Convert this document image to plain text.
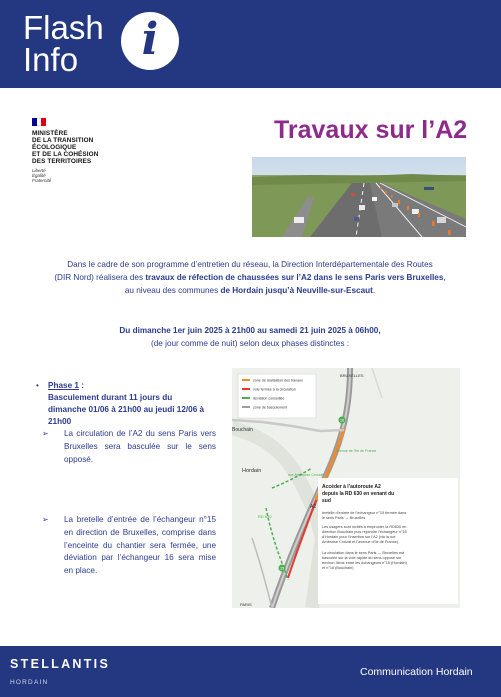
Flash
Info	i
MINISTÈRE
DE LA TRANSITION
ÉCOLOGIQUE
ET DE LA COHÉSION
DES TERRITOIRES
Liberté
Égalité
Fraternité
Travaux sur l’A2
Dans le cadre de son programme d’entretien du réseau, la Direction Interdépartementale des Routes
(DIR Nord) réalisera des travaux de réfection de chaussées sur l’A2 dans le sens Paris vers Bruxelles,
au niveau des communes de Hordain jusqu’à Neuville-sur-Escaut.
Du dimanche 1er juin 2025 à 21h00 au samedi 21 juin 2025 à 06h00,
(de jour comme de nuit) selon deux phases distinctes :
• Phase 1 :
Basculement durant 11 jours du dimanche 01/06 à 21h00 au jeudi 12/06 à 21h00
➢ La circulation de l’A2 du sens Paris vers Bruxelles sera basculée sur le sens opposé.
➢ La bretelle d’entrée de l’échangeur n°15 en direction de Bruxelles, comprise dans l’enceinte du chantier sera fermée, une déviation par l’échangeur 16 sera mise en place.
zone de réalisation des travaux
voie fermée à la circulation
déviation conseillée
zone de basculement
BRUXELLES
Bouchain
Hordain
rue Ambroise Croizat
avenue de l'Ile de France
RD 630
A2
PARIS
16
15
Accéder à l’autoroute A2 depuis la RD 630 en venant du sud
bretelle d’entrée de l’échangeur n°15 fermée dans le sens Paris → Bruxelles Les usagers sont invités à emprunter la RD630 en direction Bouchain puis rejoindre l’échangeur n°16 d’Hordain pour l’insertion sur l’A2 (via la rue Ambroise Croizat et l’avenue d’Ile de France). La circulation dans le sens Paris → Bruxelles est basculée sur la voie rapide du sens opposé sur environ 3kms entre les échangeurs n°15 (Hordain) et n°16 (Bouchain)
STELLANTIS
HORDAIN
Communication Hordain
